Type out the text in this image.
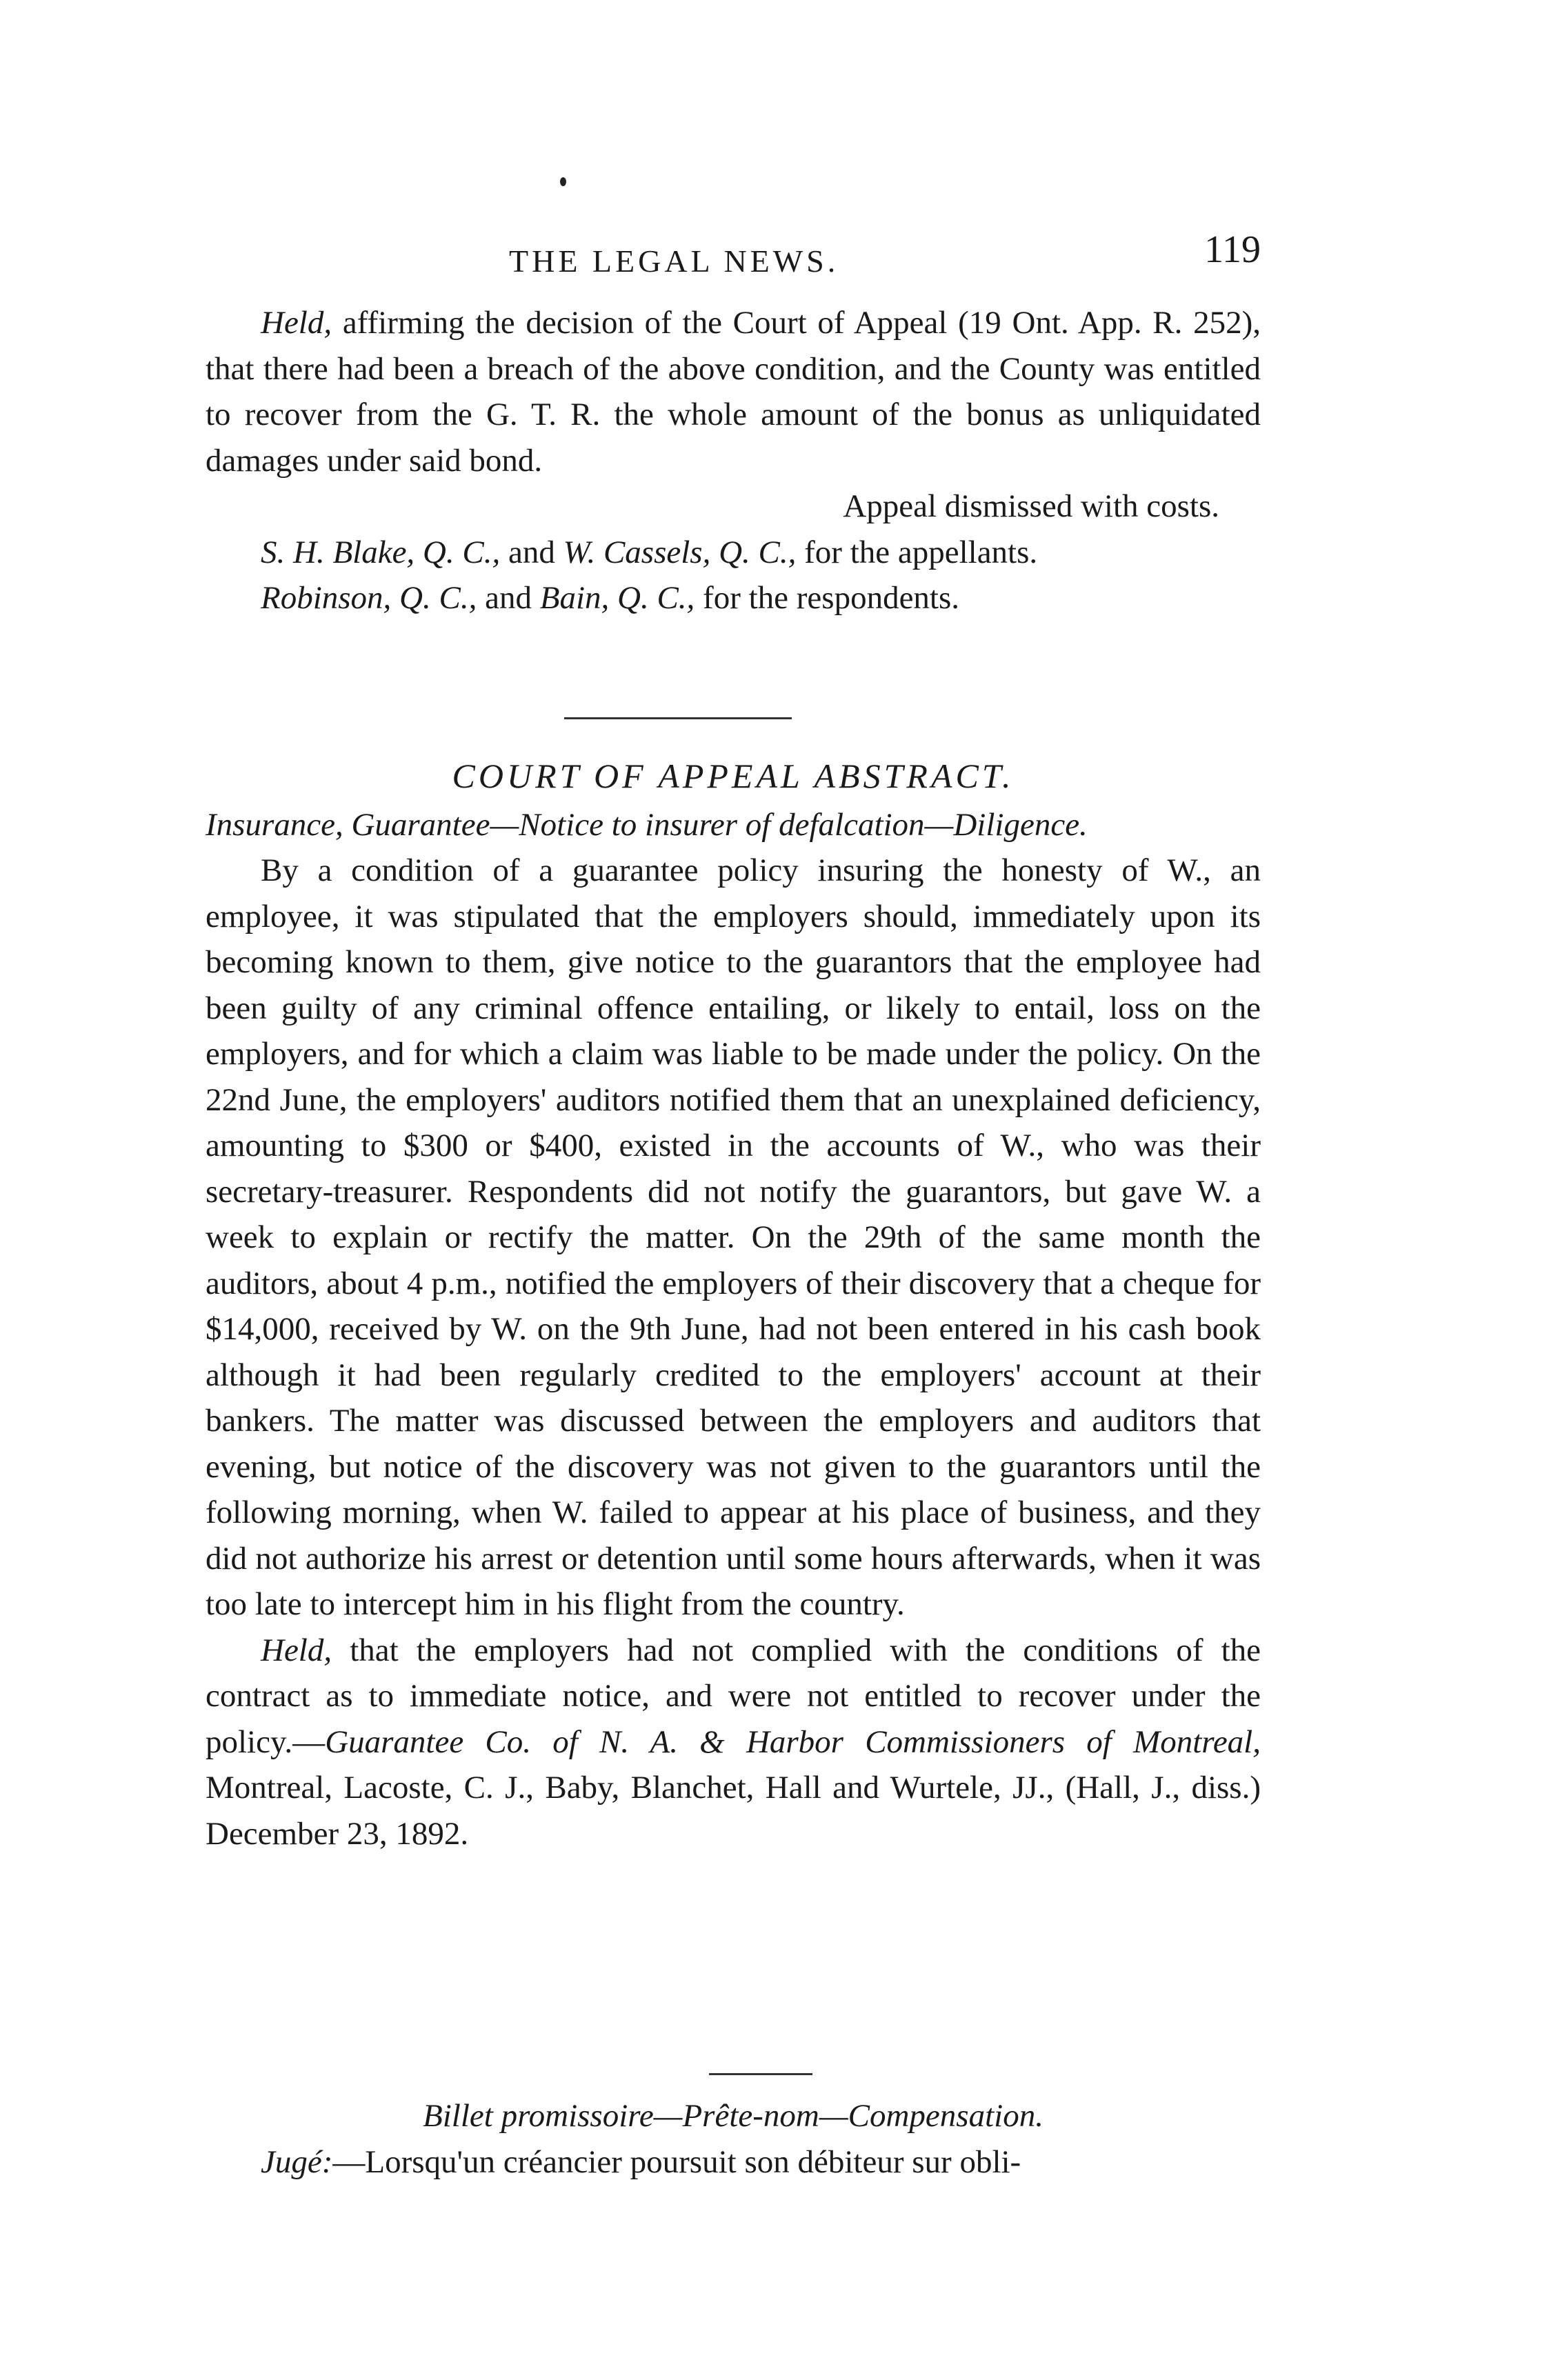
THE LEGAL NEWS.	119

Held, affirming the decision of the Court of Appeal (19 Ont. App. R. 252), that there had been a breach of the above condition, and the County was entitled to recover from the G. T. R. the whole amount of the bonus as unliquidated damages under said bond.

Appeal dismissed with costs.

S. H. Blake, Q. C., and W. Cassels, Q. C., for the appellants.

Robinson, Q. C., and Bain, Q. C., for the respondents.

COURT OF APPEAL ABSTRACT.

Insurance, Guarantee—Notice to insurer of defalcation—Diligence.

By a condition of a guarantee policy insuring the honesty of W., an employee, it was stipulated that the employers should, immediately upon its becoming known to them, give notice to the guarantors that the employee had been guilty of any criminal offence entailing, or likely to entail, loss on the employers, and for which a claim was liable to be made under the policy. On the 22nd June, the employers' auditors notified them that an unexplained deficiency, amounting to $300 or $400, existed in the accounts of W., who was their secretary-treasurer. Respondents did not notify the guarantors, but gave W. a week to explain or rectify the matter. On the 29th of the same month the auditors, about 4 p.m., notified the employers of their discovery that a cheque for $14,000, received by W. on the 9th June, had not been entered in his cash book although it had been regularly credited to the employers' account at their bankers. The matter was discussed between the employers and auditors that evening, but notice of the discovery was not given to the guarantors until the following morning, when W. failed to appear at his place of business, and they did not authorize his arrest or detention until some hours afterwards, when it was too late to intercept him in his flight from the country.

Held, that the employers had not complied with the conditions of the contract as to immediate notice, and were not entitled to recover under the policy.—Guarantee Co. of N. A. & Harbor Commissioners of Montreal, Montreal, Lacoste, C. J., Baby, Blanchet, Hall and Wurtele, JJ., (Hall, J., diss.) December 23, 1892.

Billet promissoire—Prête-nom—Compensation.

Jugé:—Lorsqu'un créancier poursuit son débiteur sur obli-
